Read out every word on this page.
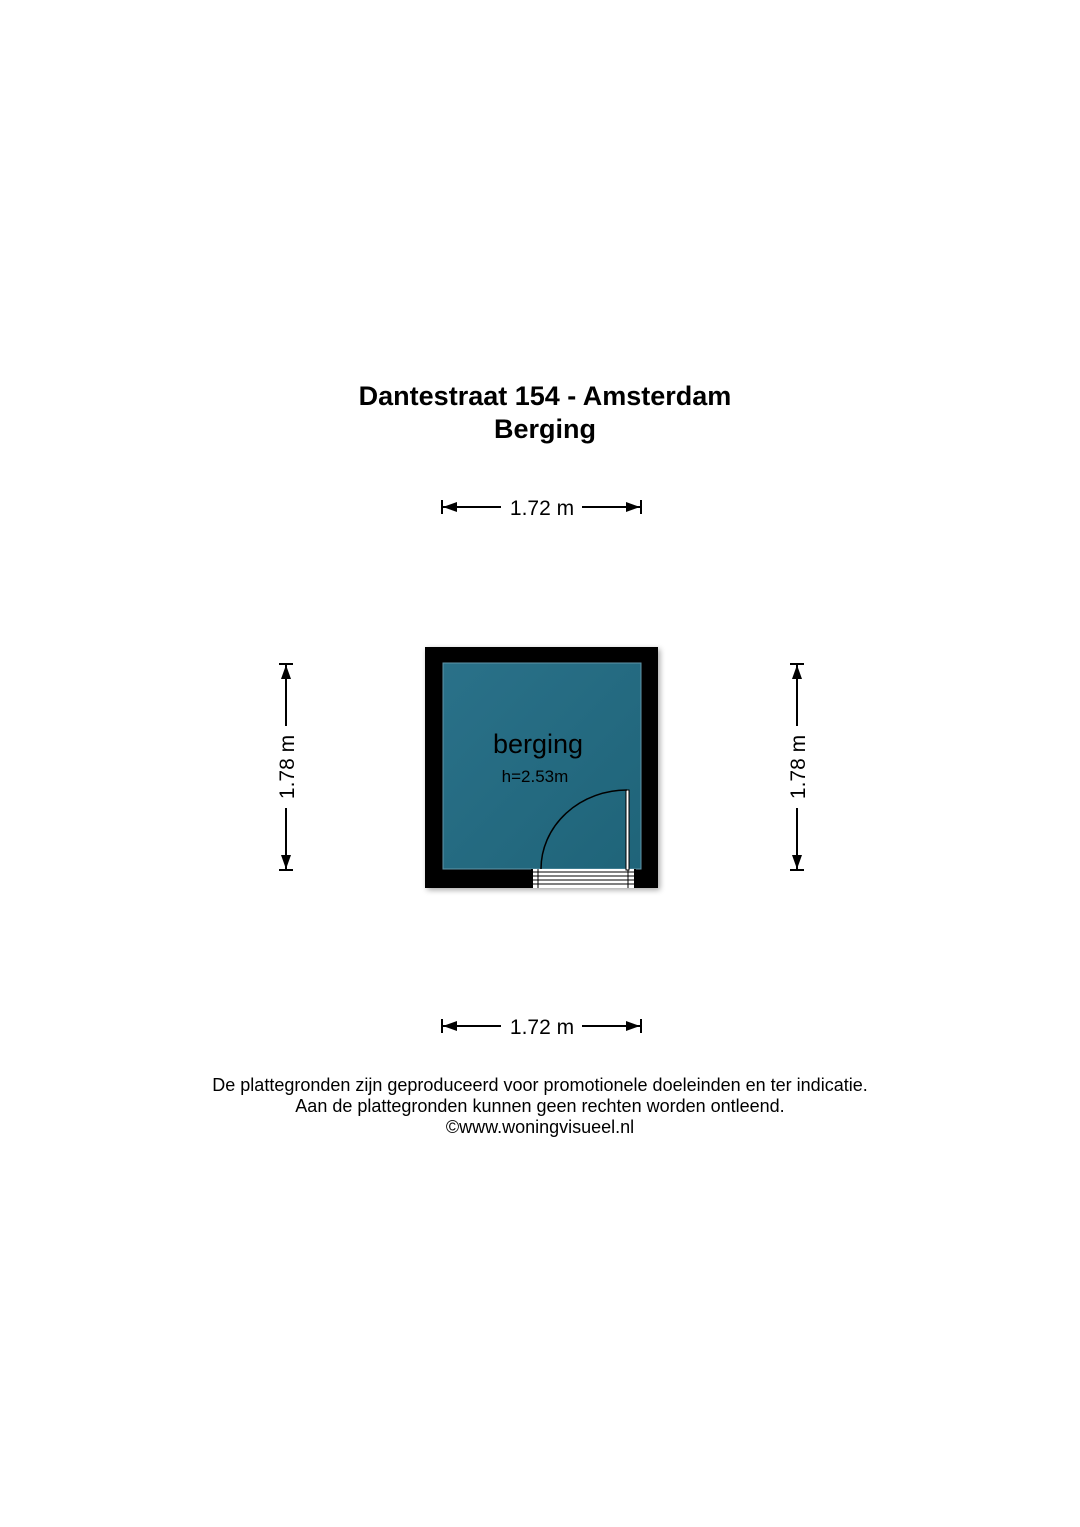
Dantestraat 154 - Amsterdam
Berging
1.72 m
1.72 m
1.78 m	1.78 m
berging
h=2.53m
De plattegronden zijn geproduceerd voor promotionele doeleinden en ter indicatie.
Aan de plattegronden kunnen geen rechten worden ontleend.
©www.woningvisueel.nl
